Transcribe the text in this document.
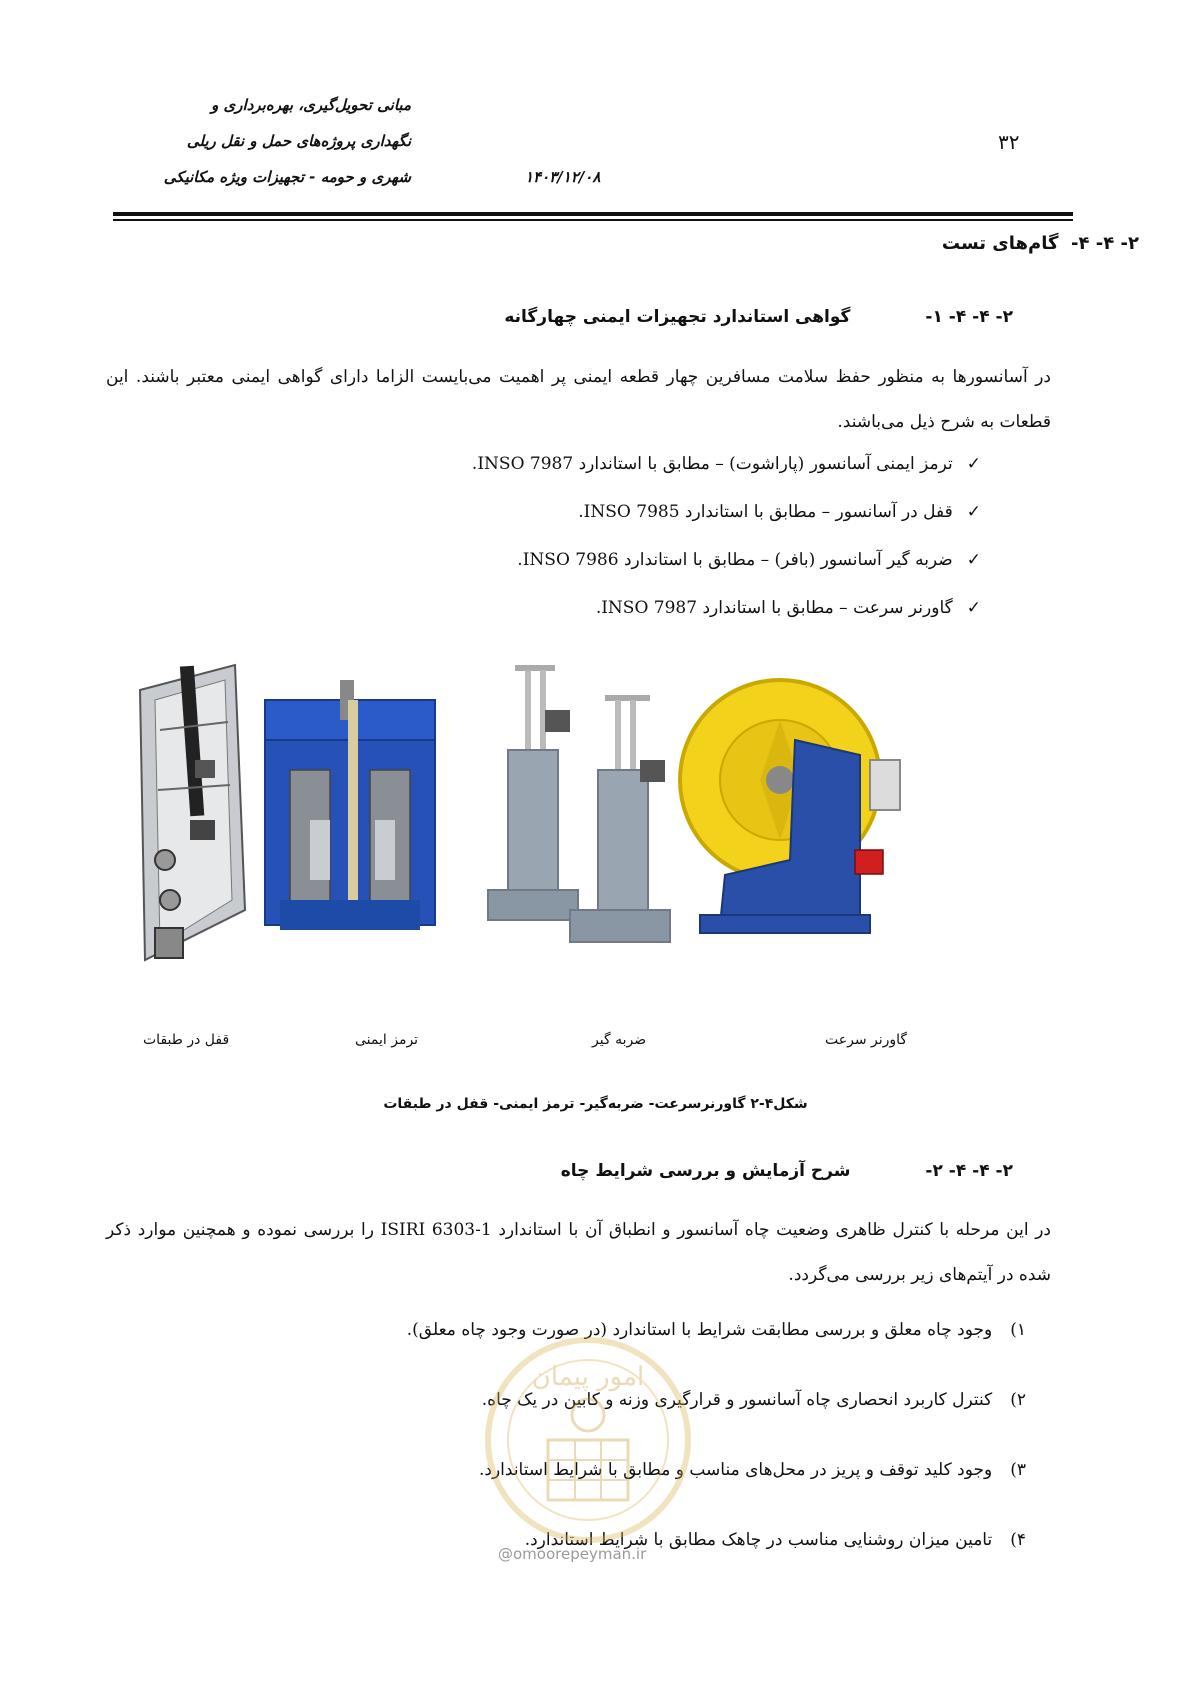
مبانی تحویل‌گیری، بهره‌برداری و
نگهداری پروژه‌های حمل و نقل ریلی
شهری و حومه - تجهیزات ویژه مکانیکی	۱۴۰۳/۱۲/۰۸
۳۲
۲- ۴- ۴-  گام‌های تست
۲- ۴- ۴- ۱-
گواهی استاندارد تجهیزات ایمنی چهارگانه

در آسانسورها به منظور حفظ سلامت مسافرین چهار قطعه ایمنی پر اهمیت می‌بایست الزاما دارای گواهی ایمنی معتبر باشند. این قطعات به شرح ذیل می‌باشند.

✓
ترمز ایمنی آسانسور (پاراشوت) – مطابق با استاندارد INSO 7987.
✓
قفل در آسانسور – مطابق با استاندارد INSO 7985.
✓
ضربه گیر آسانسور (بافر) – مطابق با استاندارد INSO 7986.
✓
گاورنر سرعت – مطابق با استاندارد INSO 7987.
قفل در طبقات	ترمز ایمنی	ضربه گیر	گاورنر سرعت
شکل۴-۲ گاورنرسرعت- ضربه‌گیر- ترمز ایمنی- قفل در طبقات
۲- ۴- ۴- ۲-
شرح آزمایش و بررسی شرایط چاه

در این مرحله با کنترل ظاهری وضعیت چاه آسانسور و انطباق آن با استاندارد ISIRI 6303-1 را بررسی نموده و همچنین موارد ذکر شده در آیتم‌های زیر بررسی می‌گردد.

۱)
وجود چاه معلق و بررسی مطابقت شرایط با استاندارد (در صورت وجود چاه معلق).
۲)
کنترل کاربرد انحصاری چاه آسانسور و قرارگیری وزنه و کابین در یک چاه.
۳)
وجود کلید توقف و پریز در محل‌های مناسب و مطابق با شرایط استاندارد.
۴)
تامین میزان روشنایی مناسب در چاهک مطابق با شرایط استاندارد.
امور پیمان
@omoorepeyman.ir
